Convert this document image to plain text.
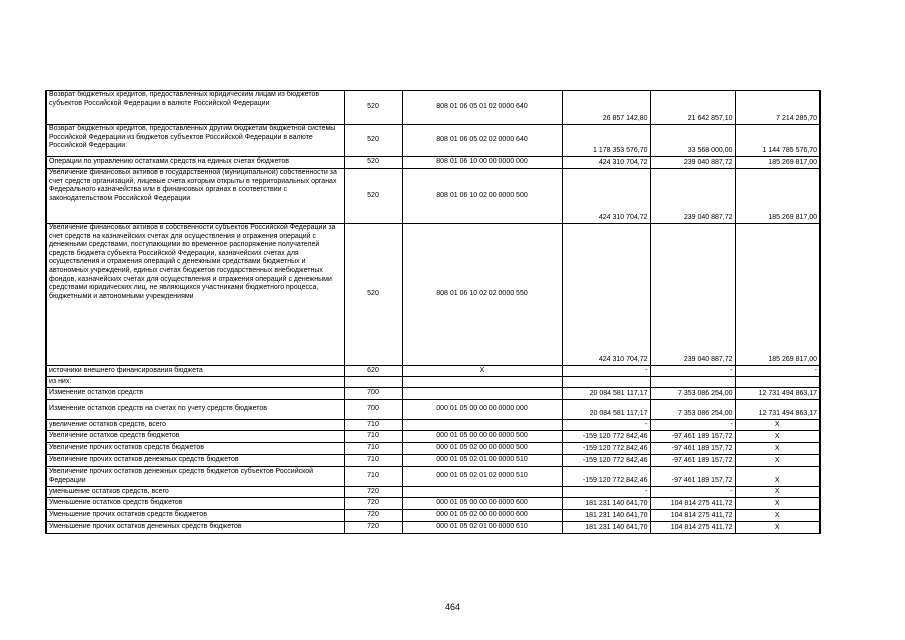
Возврат бюджетных кредитов, предоставленных юридическим лицам из бюджетов субъектов Российской Федерации в валюте Российской Федерации	520	808 01 06 05 01 02 0000 640	26 857 142,80	21 642 857,10	7 214 285,70
Возврат бюджетных кредитов, предоставленных другим бюджетам бюджетной системы Российской Федерации из бюджетов субъектов Российской Федерации в валюте Российской Федерации	520	808 01 06 05 02 02 0000 640	1 178 353 576,70	33 568 000,00	1 144 785 576,70
Операции по управлению остатками средств на единых счетах бюджетов	520	808 01 06 10 00 00 0000 000	424 310 704,72	239 040 887,72	185 269 817,00
Увеличение финансовых активов в государственной (муниципальной) собственности за счет средств организаций, лицевые счета которым открыты в территориальных органах Федерального казначейства или в финансовых органах в соответствии с законодательством Российской Федерации	520	808 01 06 10 02 00 0000 500	424 310 704,72	239 040 887,72	185 269 817,00
Увеличение финансовых активов в собственности субъектов Российской Федерации за счет средств на казначейских счетах для осуществления и отражения операций с денежными средствами, поступающими во временное распоряжение получателей средств бюджета субъекта Российской Федерации, казначейских счетах для осуществления и отражения операций с денежными средствами бюджетных и автономных учреждений, единых счетах бюджетов государственных внебюджетных фондов, казначейских счетах для осуществления и отражения операций с денежными средствами юридических лиц, не являющихся участниками бюджетного процесса, бюджетными и автономными учреждениями	520	808 01 06 10 02 02 0000 550	424 310 704,72	239 040 887,72	185 269 817,00
источники внешнего финансирования бюджета	620	X	-	-	-
из них:					
Изменение остатков средств	700		20 084 581 117,17	7 353 086 254,00	12 731 494 863,17
Изменение остатков средств на счетах по учету средств бюджетов	700	000 01 05 00 00 00 0000 000	20 084 581 117,17	7 353 086 254,00	12 731 494 863,17
увеличение остатков средств, всего	710		-	-	X
Увеличение остатков средств бюджетов	710	000 01 05 00 00 00 0000 500	-159 120 772 842,46	-97 461 189 157,72	X
Увеличение прочих остатков средств бюджетов	710	000 01 05 02 00 00 0000 500	-159 120 772 842,46	-97 461 189 157,72	X
Увеличение прочих остатков денежных средств бюджетов	710	000 01 05 02 01 00 0000 510	-159 120 772 842,46	-97 461 189 157,72	X
Увеличение прочих остатков денежных средств бюджетов субъектов Российской Федерации	710	000 01 05 02 01 02 0000 510	-159 120 772 842,46	-97 461 189 157,72	X
уменьшение остатков средств, всего	720		-	-	X
Уменьшение остатков средств бюджетов	720	000 01 05 00 00 00 0000 600	181 231 140 641,70	104 814 275 411,72	X
Уменьшение прочих остатков средств бюджетов	720	000 01 05 02 00 00 0000 600	181 231 140 641,70	104 814 275 411,72	X
Уменьшение прочих остатков денежных средств бюджетов	720	000 01 05 02 01 00 0000 610	181 231 140 641,70	104 814 275 411,72	X
464
